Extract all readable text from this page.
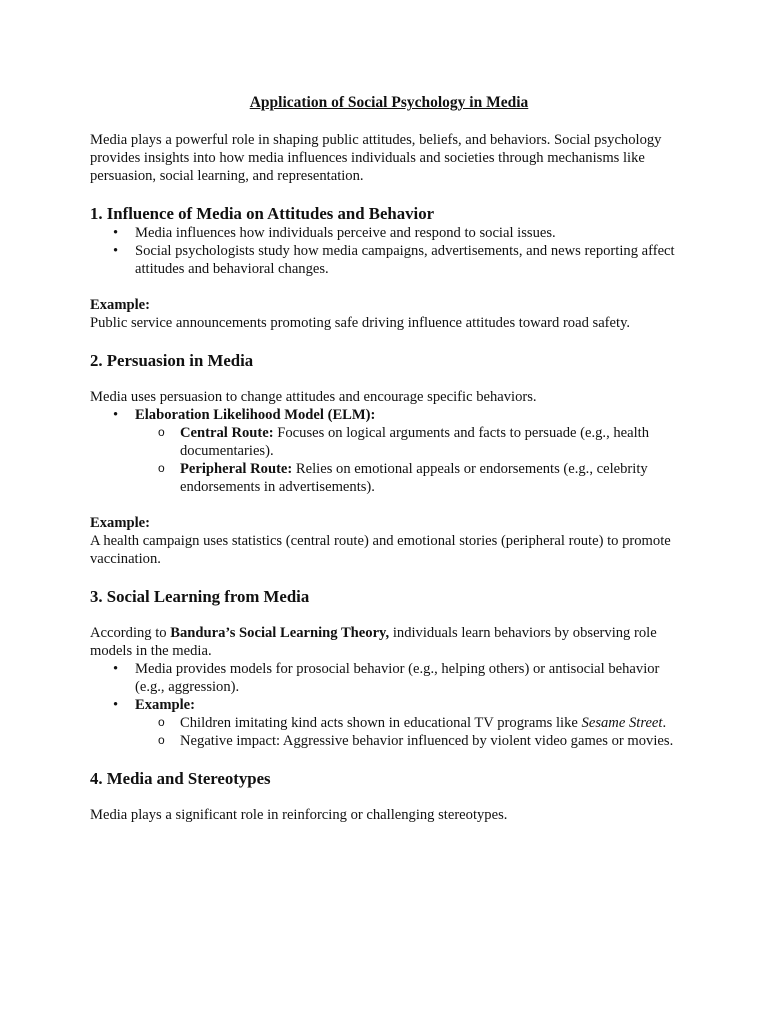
Application of Social Psychology in Media

Media plays a powerful role in shaping public attitudes, beliefs, and behaviors. Social psychology provides insights into how media influences individuals and societies through mechanisms like persuasion, social learning, and representation.

1. Influence of Media on Attitudes and Behavior
• Media influences how individuals perceive and respond to social issues.
• Social psychologists study how media campaigns, advertisements, and news reporting affect attitudes and behavioral changes.

Example:

Public service announcements promoting safe driving influence attitudes toward road safety.

2. Persuasion in Media

Media uses persuasion to change attitudes and encourage specific behaviors.

• Elaboration Likelihood Model (ELM):
o Central Route: Focuses on logical arguments and facts to persuade (e.g., health documentaries).
o Peripheral Route: Relies on emotional appeals or endorsements (e.g., celebrity endorsements in advertisements).

Example:

A health campaign uses statistics (central route) and emotional stories (peripheral route) to promote vaccination.

3. Social Learning from Media

According to Bandura’s Social Learning Theory, individuals learn behaviors by observing role models in the media.

• Media provides models for prosocial behavior (e.g., helping others) or antisocial behavior (e.g., aggression).
• Example:
o Children imitating kind acts shown in educational TV programs like Sesame Street.
o Negative impact: Aggressive behavior influenced by violent video games or movies.
4. Media and Stereotypes

Media plays a significant role in reinforcing or challenging stereotypes.
